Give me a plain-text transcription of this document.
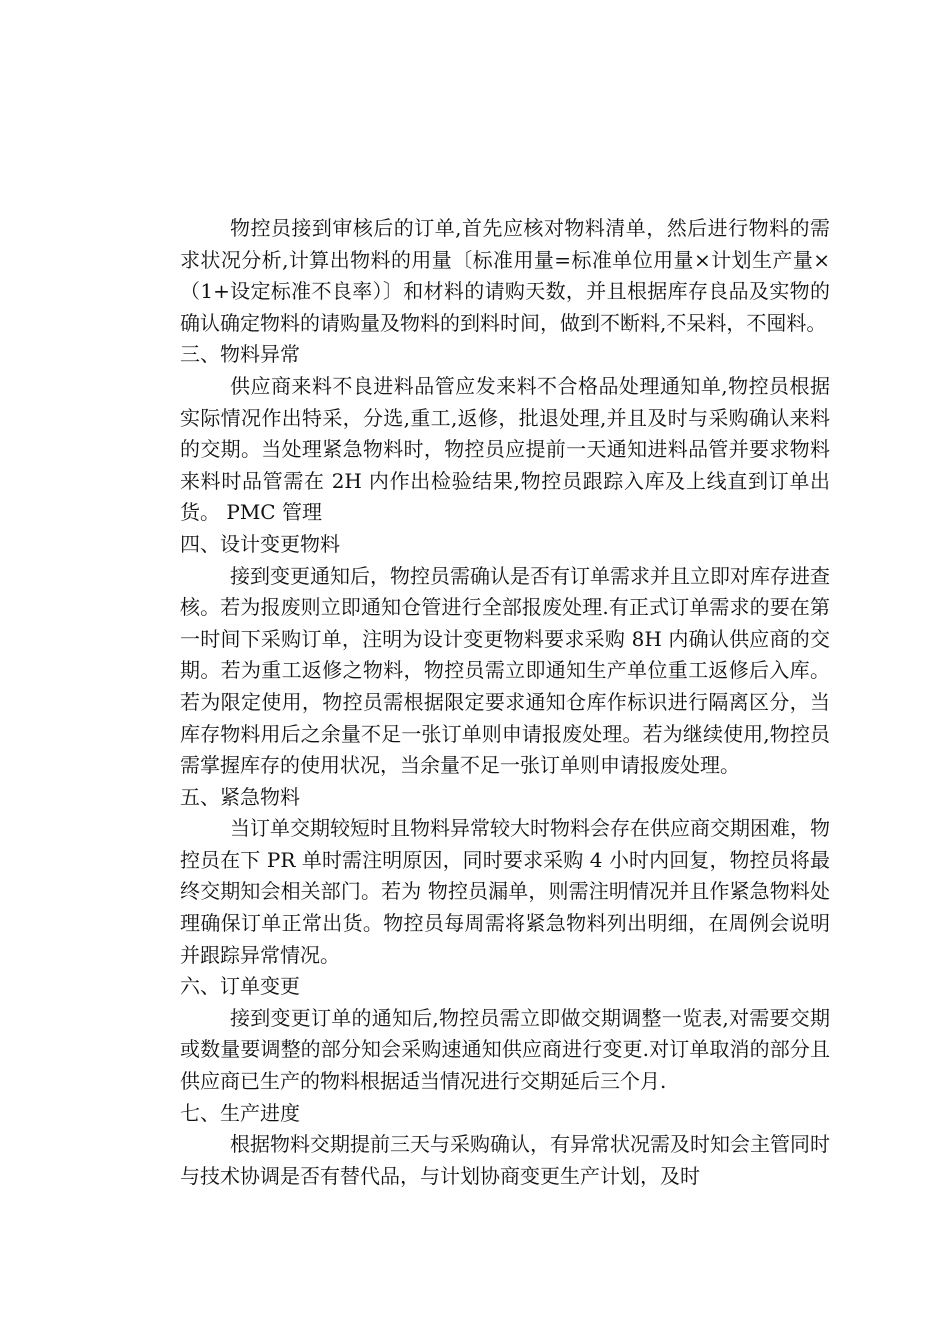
物控员接到审核后的订单,首先应核对物料清单，然后进行物料的需求状况分析,计算出物料的用量〔标准用量=标准单位用量×计划生产量×（1+设定标准不良率）〕和材料的请购天数，并且根据库存良品及实物的确认确定物料的请购量及物料的到料时间，做到不断料,不呆料，不囤料。

三、物料异常

供应商来料不良进料品管应发来料不合格品处理通知单,物控员根据实际情况作出特采，分选,重工,返修，批退处理,并且及时与采购确认来料的交期。当处理紧急物料时，物控员应提前一天通知进料品管并要求物料来料时品管需在 2H 内作出检验结果,物控员跟踪入库及上线直到订单出货。 PMC 管理

四、设计变更物料

接到变更通知后，物控员需确认是否有订单需求并且立即对库存进查核。若为报废则立即通知仓管进行全部报废处理.有正式订单需求的要在第一时间下采购订单，注明为设计变更物料要求采购 8H 内确认供应商的交期。若为重工返修之物料，物控员需立即通知生产单位重工返修后入库。若为限定使用，物控员需根据限定要求通知仓库作标识进行隔离区分，当库存物料用后之余量不足一张订单则申请报废处理。若为继续使用,物控员需掌握库存的使用状况，当余量不足一张订单则申请报废处理。

五、紧急物料

当订单交期较短时且物料异常较大时物料会存在供应商交期困难，物控员在下 PR 单时需注明原因，同时要求采购 4 小时内回复，物控员将最终交期知会相关部门。若为 物控员漏单，则需注明情况并且作紧急物料处理确保订单正常出货。物控员每周需将紧急物料列出明细，在周例会说明并跟踪异常情况。

六、订单变更

接到变更订单的通知后,物控员需立即做交期调整一览表,对需要交期或数量要调整的部分知会采购速通知供应商进行变更.对订单取消的部分且供应商已生产的物料根据适当情况进行交期延后三个月.

七、生产进度

根据物料交期提前三天与采购确认，有异常状况需及时知会主管同时与技术协调是否有替代品，与计划协商变更生产计划，及时
